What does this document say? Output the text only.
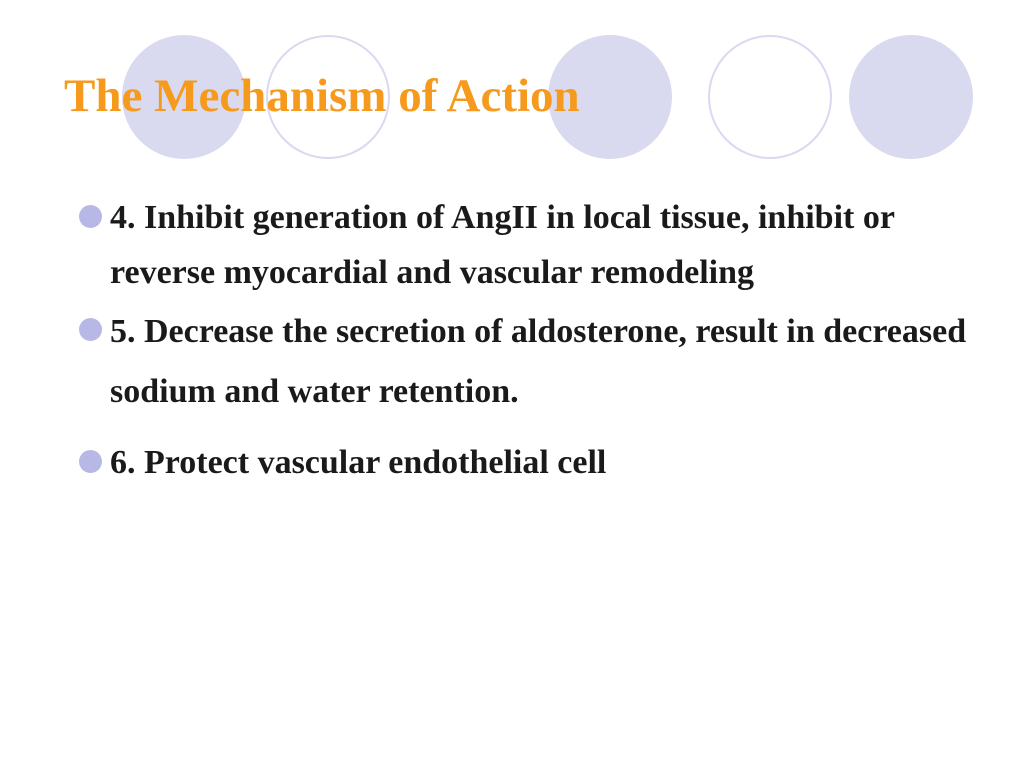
The Mechanism of Action
4. Inhibit generation of AngII in local tissue, inhibit or reverse myocardial and vascular remodeling
5. Decrease the secretion of aldosterone, result in decreased sodium and water retention.
6. Protect vascular endothelial cell
